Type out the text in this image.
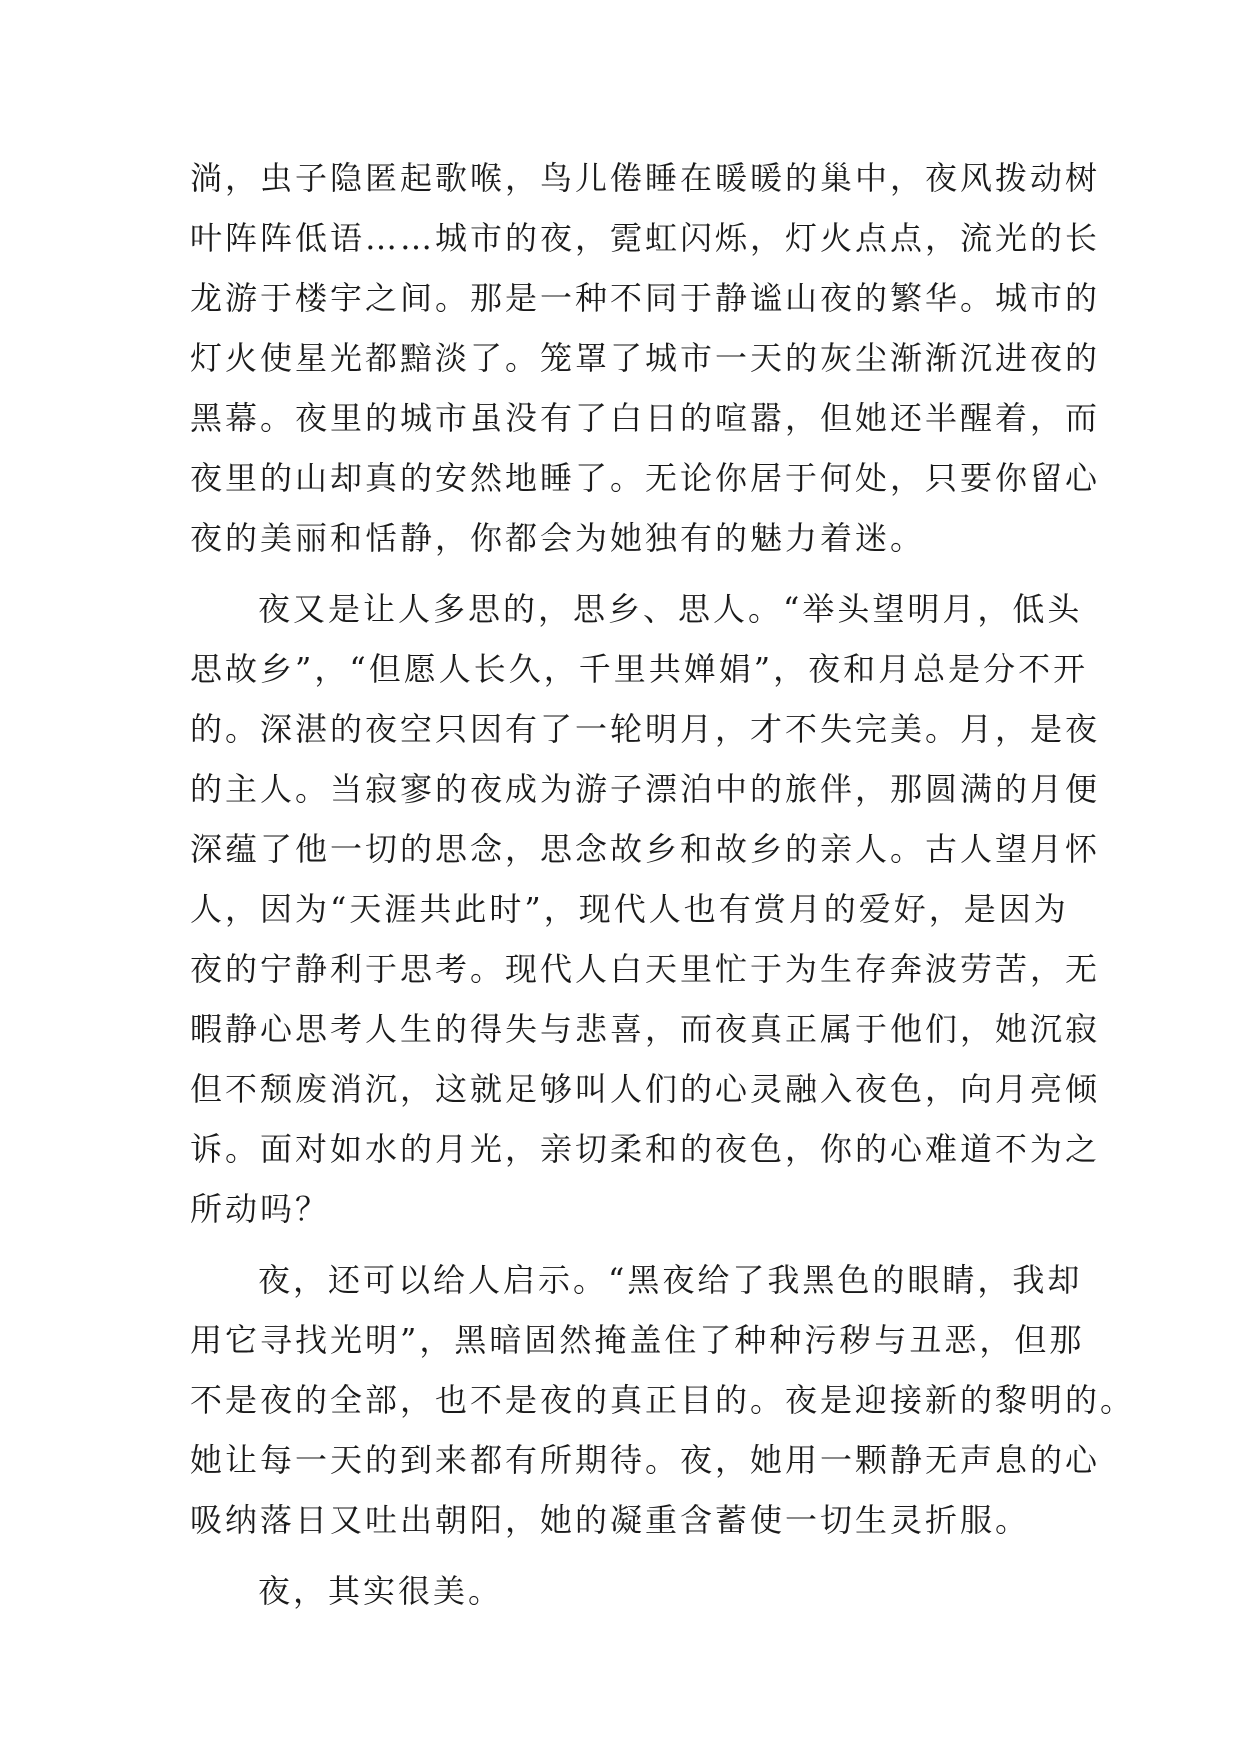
淌，虫子隐匿起歌喉，鸟儿倦睡在暖暖的巢中，夜风拨动树
叶阵阵低语……城市的夜，霓虹闪烁，灯火点点，流光的长
龙游于楼宇之间。那是一种不同于静谧山夜的繁华。城市的
灯火使星光都黯淡了。笼罩了城市一天的灰尘渐渐沉进夜的
黑幕。夜里的城市虽没有了白日的喧嚣，但她还半醒着，而
夜里的山却真的安然地睡了。无论你居于何处，只要你留心
夜的美丽和恬静，你都会为她独有的魅力着迷。
夜又是让人多思的，思乡、思人。“举头望明月，低头
思故乡”，“但愿人长久，千里共婵娟”，夜和月总是分不开
的。深湛的夜空只因有了一轮明月，才不失完美。月，是夜
的主人。当寂寥的夜成为游子漂泊中的旅伴，那圆满的月便
深蕴了他一切的思念，思念故乡和故乡的亲人。古人望月怀
人，因为“天涯共此时”，现代人也有赏月的爱好，是因为
夜的宁静利于思考。现代人白天里忙于为生存奔波劳苦，无
暇静心思考人生的得失与悲喜，而夜真正属于他们，她沉寂
但不颓废消沉，这就足够叫人们的心灵融入夜色，向月亮倾
诉。面对如水的月光，亲切柔和的夜色，你的心难道不为之
所动吗？
夜，还可以给人启示。“黑夜给了我黑色的眼睛，我却
用它寻找光明”，黑暗固然掩盖住了种种污秽与丑恶，但那
不是夜的全部，也不是夜的真正目的。夜是迎接新的黎明的。
她让每一天的到来都有所期待。夜，她用一颗静无声息的心
吸纳落日又吐出朝阳，她的凝重含蓄使一切生灵折服。
夜，其实很美。
